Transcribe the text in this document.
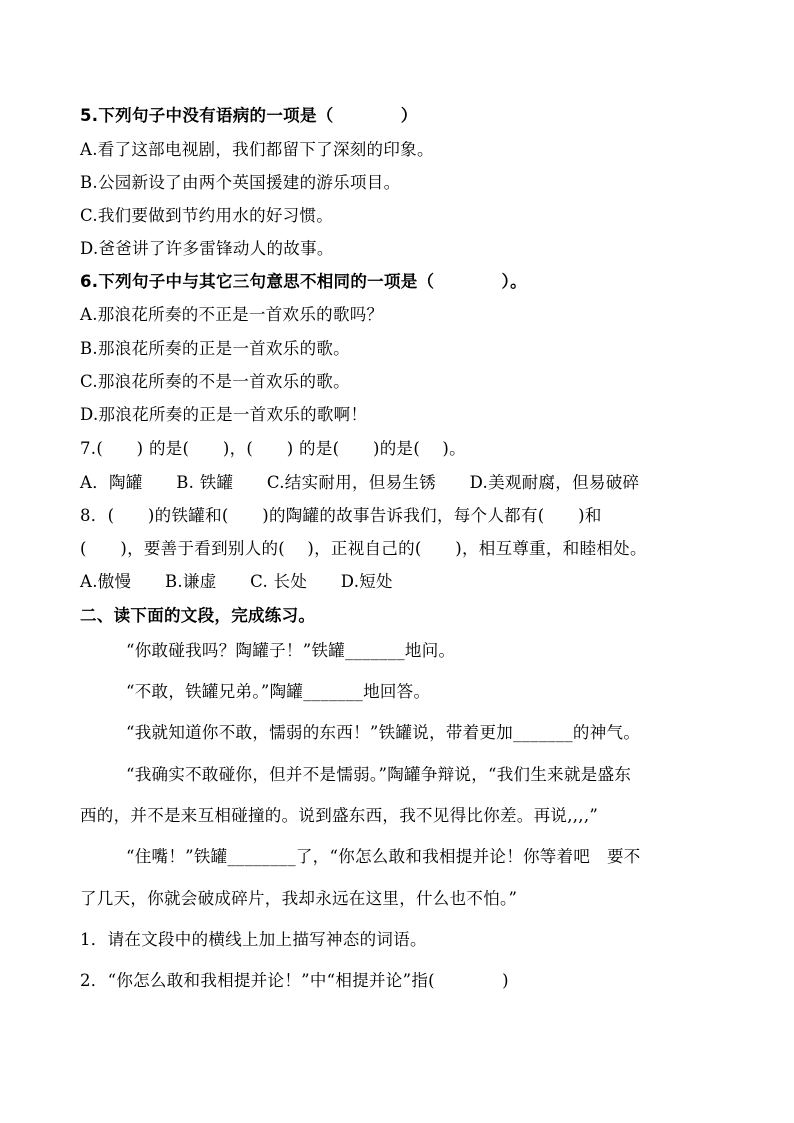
5.下列句子中没有语病的一项是（　　　　）
A.看了这部电视剧，我们都留下了深刻的印象。
B.公园新设了由两个英国援建的游乐项目。
C.我们要做到节约用水的好习惯。
D.爸爸讲了许多雷锋动人的故事。
6.下列句子中与其它三句意思不相同的一项是（　　　　）。
A.那浪花所奏的不正是一首欢乐的歌吗？
B.那浪花所奏的正是一首欢乐的歌。
C.那浪花所奏的不是一首欢乐的歌。
D.那浪花所奏的正是一首欢乐的歌啊！
7.(　　) 的是(　　)，(　　) 的是(　　)的是(　 )。
A．陶罐　　B. 铁罐　　C.结实耐用，但易生锈　　D.美观耐腐，但易破碎
8．(　　)的铁罐和(　　)的陶罐的故事告诉我们，每个人都有(　　)和
(　　)，要善于看到别人的(　 )，正视自己的(　　)，相互尊重，和睦相处。
A.傲慢　　B.谦虚　　C. 长处　　D.短处
二、读下面的文段，完成练习。
“你敢碰我吗？陶罐子！”铁罐_______地问。
“不敢，铁罐兄弟。”陶罐_______地回答。
“我就知道你不敢，懦弱的东西！”铁罐说，带着更加_______的神气。
“我确实不敢碰你，但并不是懦弱。”陶罐争辩说，“我们生来就是盛东
西的，并不是来互相碰撞的。说到盛东西，我不见得比你差。再说,,,,”
“住嘴！”铁罐________了，“你怎么敢和我相提并论！你等着吧　要不
了几天，你就会破成碎片，我却永远在这里，什么也不怕。”
1．请在文段中的横线上加上描写神态的词语。
2．“你怎么敢和我相提并论！”中“相提并论”指(　　　　)
